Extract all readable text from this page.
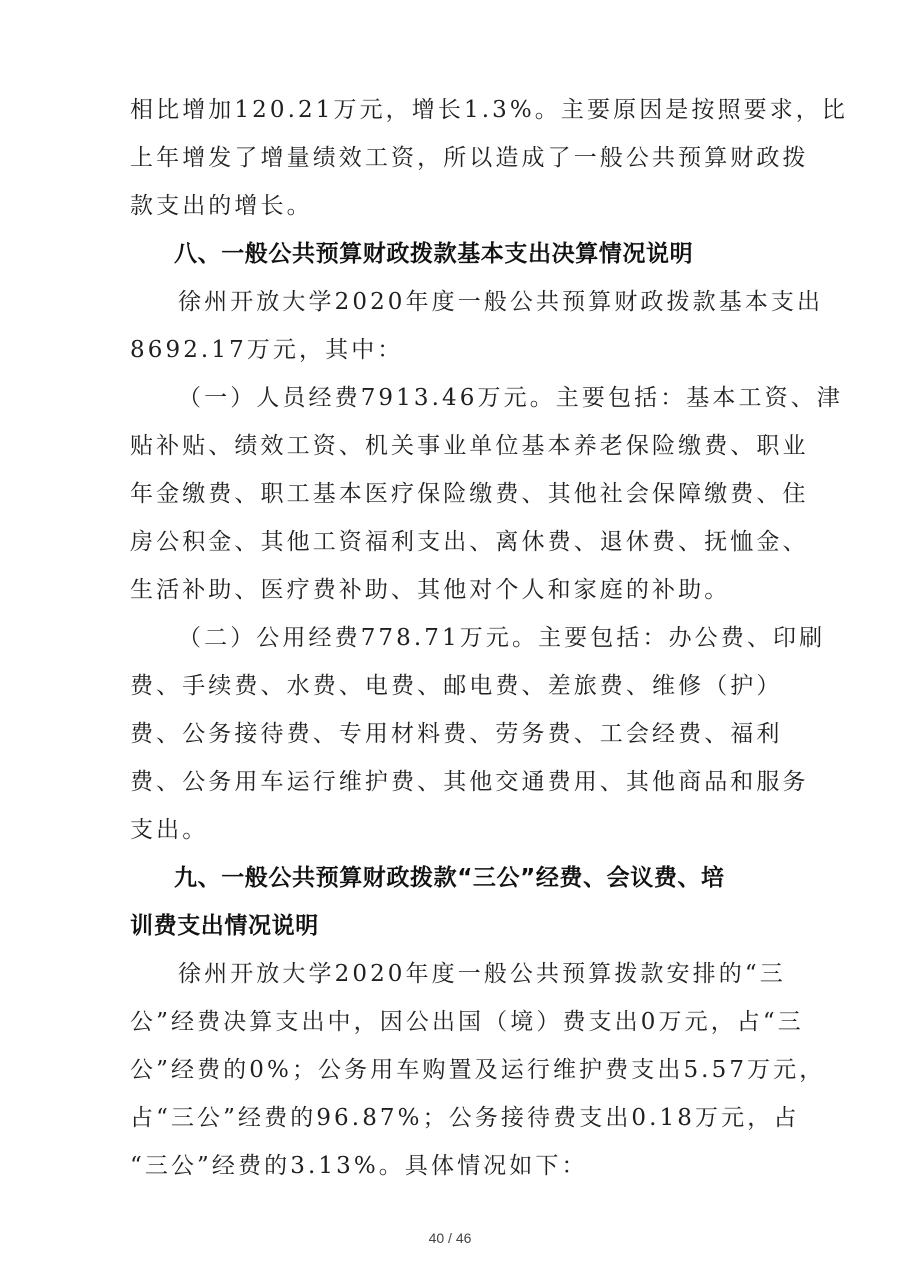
相比增加120.21万元，增长1.3%。主要原因是按照要求，比
上年增发了增量绩效工资，所以造成了一般公共预算财政拨
款支出的增长。
八、一般公共预算财政拨款基本支出决算情况说明
徐州开放大学2020年度一般公共预算财政拨款基本支出
8692.17万元，其中：
（一）人员经费7913.46万元。主要包括：基本工资、津
贴补贴、绩效工资、机关事业单位基本养老保险缴费、职业
年金缴费、职工基本医疗保险缴费、其他社会保障缴费、住
房公积金、其他工资福利支出、离休费、退休费、抚恤金、
生活补助、医疗费补助、其他对个人和家庭的补助。
（二）公用经费778.71万元。主要包括：办公费、印刷
费、手续费、水费、电费、邮电费、差旅费、维修（护）
费、公务接待费、专用材料费、劳务费、工会经费、福利
费、公务用车运行维护费、其他交通费用、其他商品和服务
支出。
九、一般公共预算财政拨款“三公”经费、会议费、培
训费支出情况说明
徐州开放大学2020年度一般公共预算拨款安排的“三
公”经费决算支出中，因公出国（境）费支出0万元，占“三
公”经费的0%；公务用车购置及运行维护费支出5.57万元，
占“三公”经费的96.87%；公务接待费支出0.18万元，占
“三公”经费的3.13%。具体情况如下：
40 / 46
